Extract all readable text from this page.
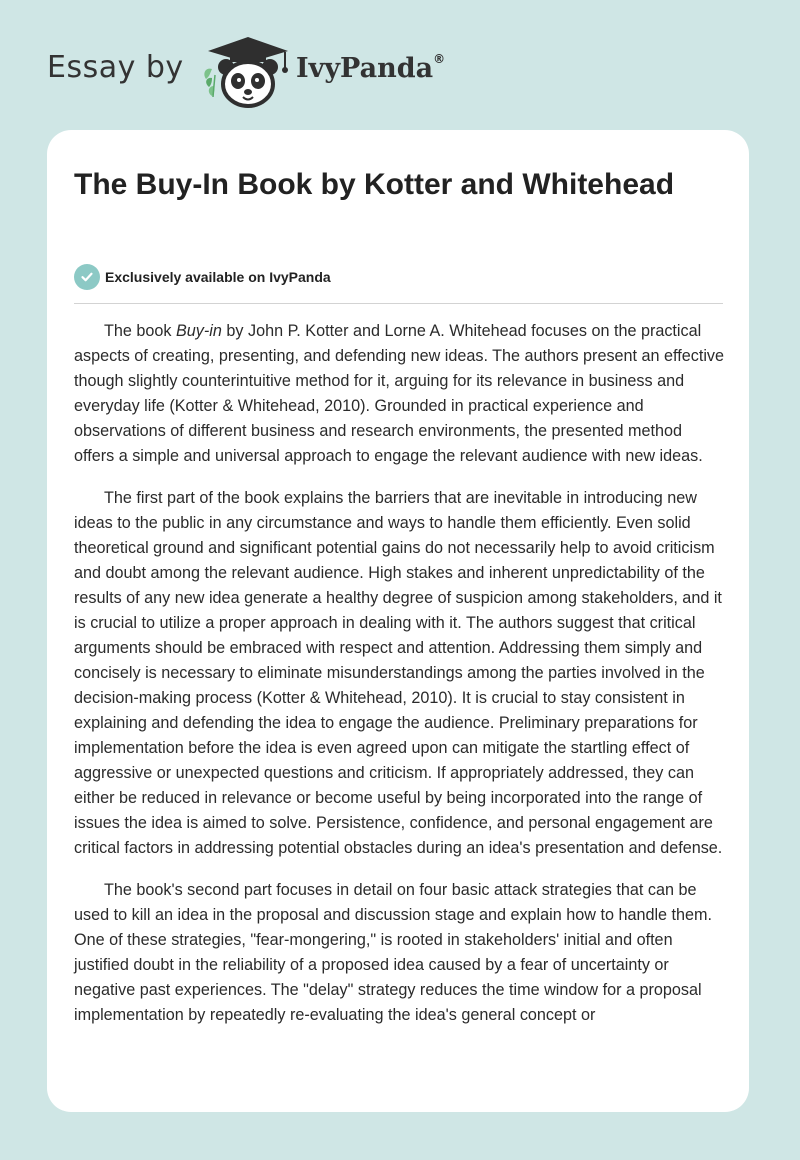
Essay by	IvyPanda®
The Buy-In Book by Kotter and Whitehead
Exclusively available on IvyPanda

The book Buy-in by John P. Kotter and Lorne A. Whitehead focuses on the practical aspects of creating, presenting, and defending new ideas. The authors present an effective though slightly counterintuitive method for it, arguing for its relevance in business and everyday life (Kotter & Whitehead, 2010). Grounded in practical experience and observations of different business and research environments, the presented method offers a simple and universal approach to engage the relevant audience with new ideas.

The first part of the book explains the barriers that are inevitable in introducing new ideas to the public in any circumstance and ways to handle them efficiently. Even solid theoretical ground and significant potential gains do not necessarily help to avoid criticism and doubt among the relevant audience. High stakes and inherent unpredictability of the results of any new idea generate a healthy degree of suspicion among stakeholders, and it is crucial to utilize a proper approach in dealing with it. The authors suggest that critical arguments should be embraced with respect and attention. Addressing them simply and concisely is necessary to eliminate misunderstandings among the parties involved in the decision-making process (Kotter & Whitehead, 2010). It is crucial to stay consistent in explaining and defending the idea to engage the audience. Preliminary preparations for implementation before the idea is even agreed upon can mitigate the startling effect of aggressive or unexpected questions and criticism. If appropriately addressed, they can either be reduced in relevance or become useful by being incorporated into the range of issues the idea is aimed to solve. Persistence, confidence, and personal engagement are critical factors in addressing potential obstacles during an idea's presentation and defense.

The book's second part focuses in detail on four basic attack strategies that can be used to kill an idea in the proposal and discussion stage and explain how to handle them. One of these strategies, "fear-mongering," is rooted in stakeholders' initial and often justified doubt in the reliability of a proposed idea caused by a fear of uncertainty or negative past experiences. The "delay" strategy reduces the time window for a proposal implementation by repeatedly re-evaluating the idea's general concept or
